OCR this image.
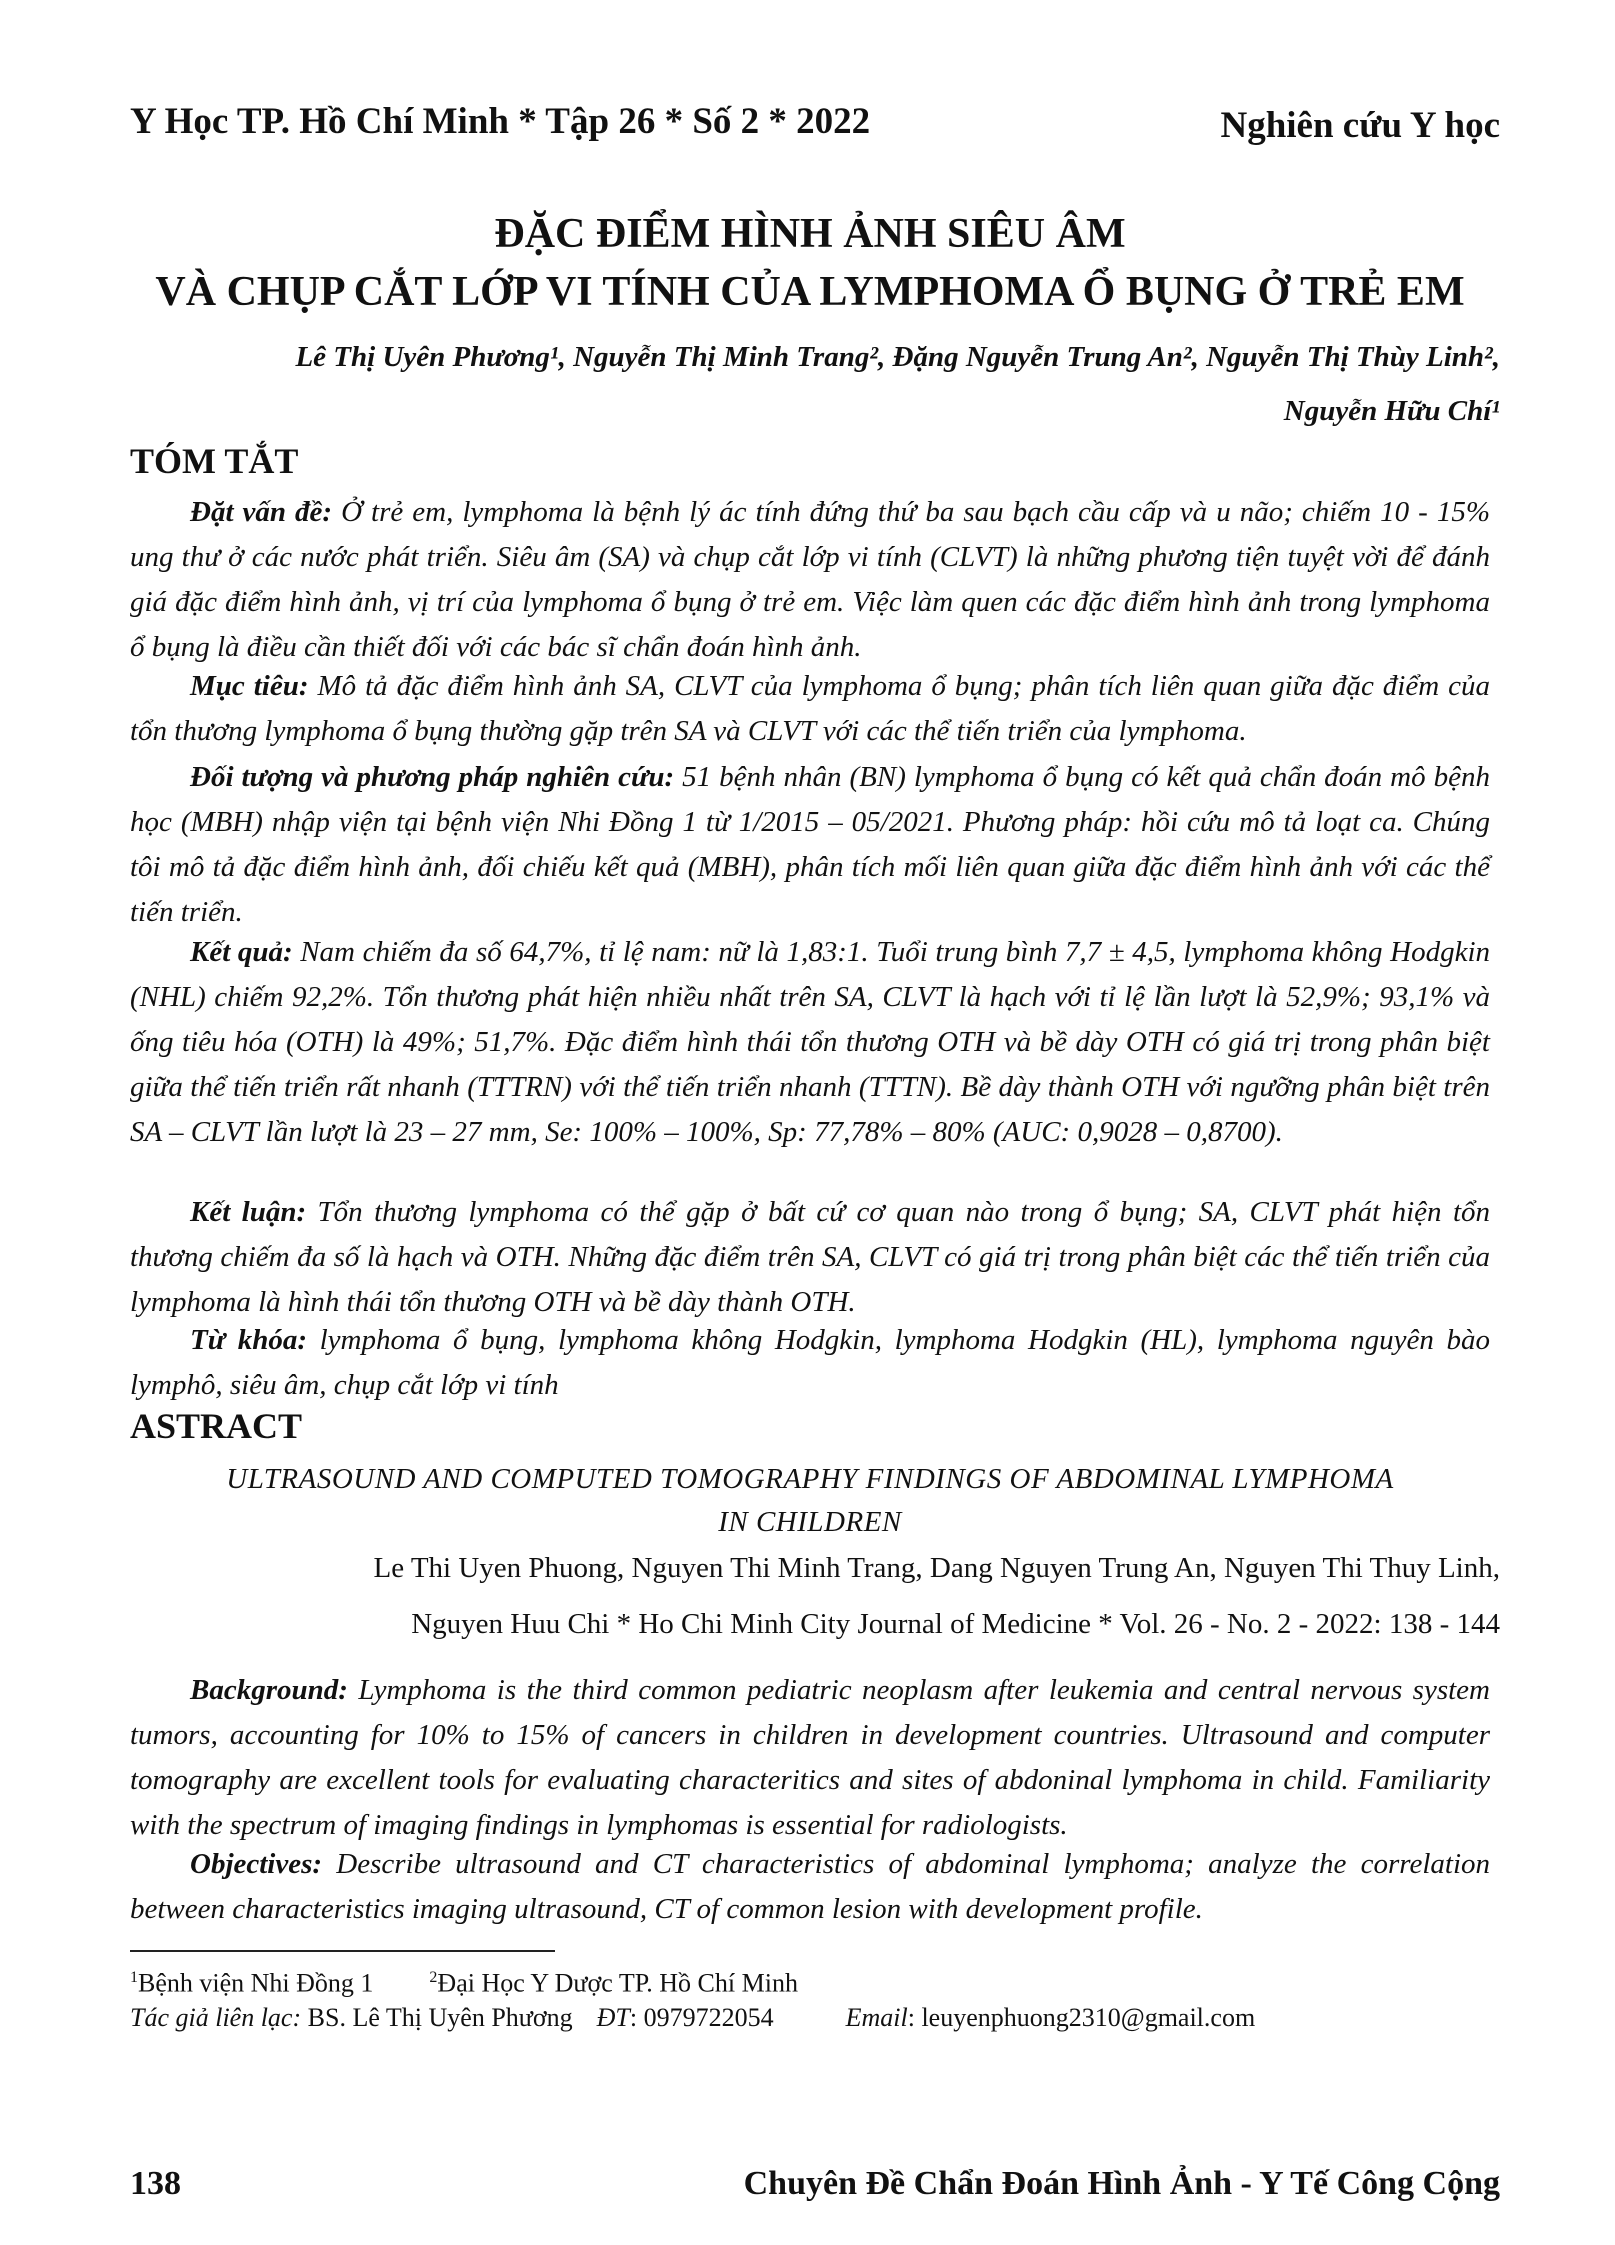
Y Học TP. Hồ Chí Minh * Tập 26 * Số 2 * 2022	Nghiên cứu Y học
ĐẶC ĐIỂM HÌNH ẢNH SIÊU ÂM
VÀ CHỤP CẮT LỚP VI TÍNH CỦA LYMPHOMA Ổ BỤNG Ở TRẺ EM
Lê Thị Uyên Phương¹, Nguyễn Thị Minh Trang², Đặng Nguyễn Trung An², Nguyễn Thị Thùy Linh²,
Nguyễn Hữu Chí¹
TÓM TẮT

Đặt vấn đề: Ở trẻ em, lymphoma là bệnh lý ác tính đứng thứ ba sau bạch cầu cấp và u não; chiếm 10 - 15% ung thư ở các nước phát triển. Siêu âm (SA) và chụp cắt lớp vi tính (CLVT) là những phương tiện tuyệt vời để đánh giá đặc điểm hình ảnh, vị trí của lymphoma ổ bụng ở trẻ em. Việc làm quen các đặc điểm hình ảnh trong lymphoma ổ bụng là điều cần thiết đối với các bác sĩ chẩn đoán hình ảnh.

Mục tiêu: Mô tả đặc điểm hình ảnh SA, CLVT của lymphoma ổ bụng; phân tích liên quan giữa đặc điểm của tổn thương lymphoma ổ bụng thường gặp trên SA và CLVT với các thể tiến triển của lymphoma.

Đối tượng và phương pháp nghiên cứu: 51 bệnh nhân (BN) lymphoma ổ bụng có kết quả chẩn đoán mô bệnh học (MBH) nhập viện tại bệnh viện Nhi Đồng 1 từ 1/2015 – 05/2021. Phương pháp: hồi cứu mô tả loạt ca. Chúng tôi mô tả đặc điểm hình ảnh, đối chiếu kết quả (MBH), phân tích mối liên quan giữa đặc điểm hình ảnh với các thể tiến triển.

Kết quả: Nam chiếm đa số 64,7%, tỉ lệ nam: nữ là 1,83:1. Tuổi trung bình 7,7 ± 4,5, lymphoma không Hodgkin (NHL) chiếm 92,2%. Tổn thương phát hiện nhiều nhất trên SA, CLVT là hạch với tỉ lệ lần lượt là 52,9%; 93,1% và ống tiêu hóa (OTH) là 49%; 51,7%. Đặc điểm hình thái tổn thương OTH và bề dày OTH có giá trị trong phân biệt giữa thể tiến triển rất nhanh (TTTRN) với thể tiến triển nhanh (TTTN). Bề dày thành OTH với ngưỡng phân biệt trên SA – CLVT lần lượt là 23 – 27 mm, Se: 100% – 100%, Sp: 77,78% – 80% (AUC: 0,9028 – 0,8700).

Kết luận: Tổn thương lymphoma có thể gặp ở bất cứ cơ quan nào trong ổ bụng; SA, CLVT phát hiện tổn thương chiếm đa số là hạch và OTH. Những đặc điểm trên SA, CLVT có giá trị trong phân biệt các thể tiến triển của lymphoma là hình thái tổn thương OTH và bề dày thành OTH.

Từ khóa: lymphoma ổ bụng, lymphoma không Hodgkin, lymphoma Hodgkin (HL), lymphoma nguyên bào lymphô, siêu âm, chụp cắt lớp vi tính

ASTRACT
ULTRASOUND AND COMPUTED TOMOGRAPHY FINDINGS OF ABDOMINAL LYMPHOMA
IN CHILDREN
Le Thi Uyen Phuong, Nguyen Thi Minh Trang, Dang Nguyen Trung An, Nguyen Thi Thuy Linh,
Nguyen Huu Chi * Ho Chi Minh City Journal of Medicine * Vol. 26 - No. 2 - 2022: 138 - 144

Background: Lymphoma is the third common pediatric neoplasm after leukemia and central nervous system tumors, accounting for 10% to 15% of cancers in children in development countries. Ultrasound and computer tomography are excellent tools for evaluating characteritics and sites of abdoninal lymphoma in child. Familiarity with the spectrum of imaging findings in lymphomas is essential for radiologists.

Objectives: Describe ultrasound and CT characteristics of abdominal lymphoma; analyze the correlation between characteristics imaging ultrasound, CT of common lesion with development profile.

$^1$Bệnh viện Nhi Đồng 1	$^2$Đại Học Y Dược TP. Hồ Chí Minh
Tác giả liên lạc: BS. Lê Thị Uyên Phương ĐT: 0979722054	Email: leuyenphuong2310@gmail.com
138	Chuyên Đề Chẩn Đoán Hình Ảnh - Y Tế Công Cộng
